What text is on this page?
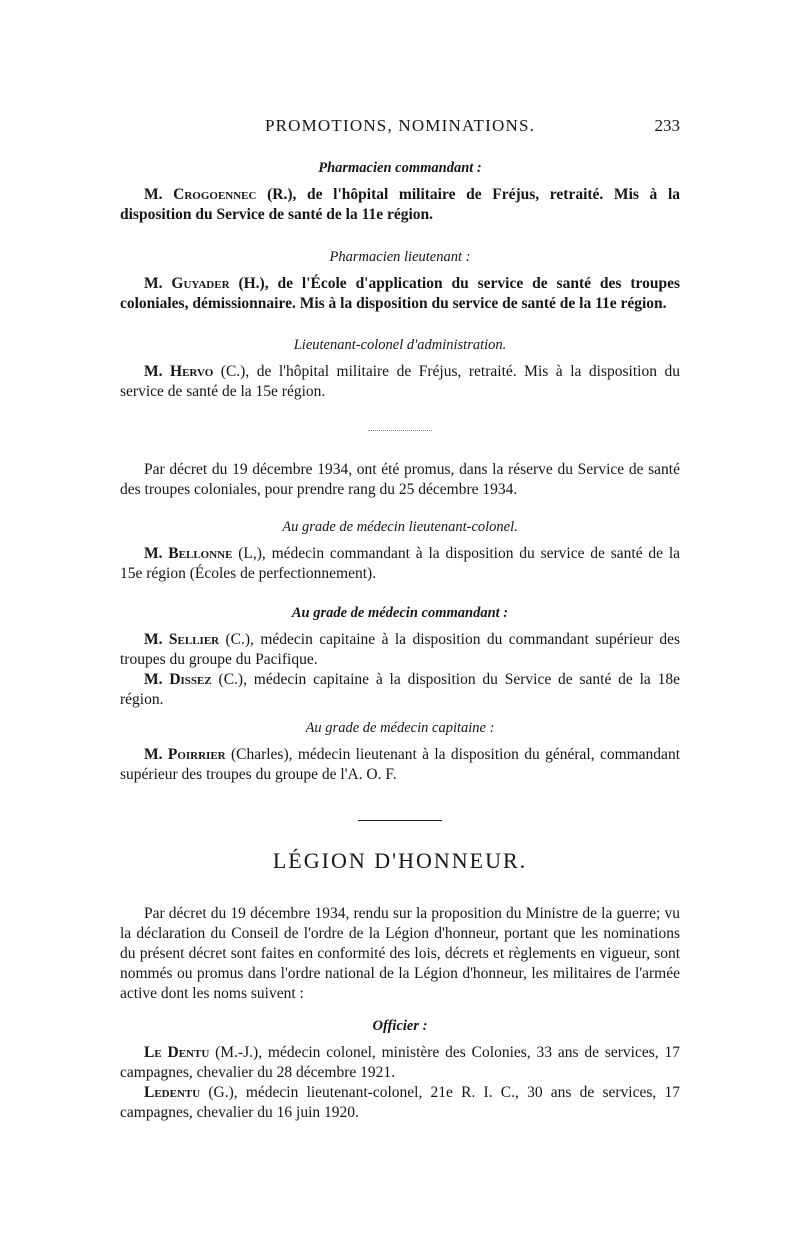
PROMOTIONS, NOMINATIONS.	233

Pharmacien commandant :

M. Crogoennec (R.), de l'hôpital militaire de Fréjus, retraité. Mis à la disposition du Service de santé de la 11e région.

Pharmacien lieutenant :

M. Guyader (H.), de l'École d'application du service de santé des troupes coloniales, démissionnaire. Mis à la disposition du service de santé de la 11e région.

Lieutenant-colonel d'administration.

M. Hervo (C.), de l'hôpital militaire de Fréjus, retraité. Mis à la disposition du service de santé de la 15e région.

Par décret du 19 décembre 1934, ont été promus, dans la réserve du Service de santé des troupes coloniales, pour prendre rang du 25 décembre 1934.

Au grade de médecin lieutenant-colonel.

M. Bellonne (L,), médecin commandant à la disposition du service de santé de la 15e région (Écoles de perfectionnement).

Au grade de médecin commandant :

M. Sellier (C.), médecin capitaine à la disposition du commandant supérieur des troupes du groupe du Pacifique.

M. Dissez (C.), médecin capitaine à la disposition du Service de santé de la 18e région.

Au grade de médecin capitaine :

M. Poirrier (Charles), médecin lieutenant à la disposition du général, commandant supérieur des troupes du groupe de l'A. O. F.

LÉGION D'HONNEUR.

Par décret du 19 décembre 1934, rendu sur la proposition du Ministre de la guerre; vu la déclaration du Conseil de l'ordre de la Légion d'honneur, portant que les nominations du présent décret sont faites en conformité des lois, décrets et règlements en vigueur, sont nommés ou promus dans l'ordre national de la Légion d'honneur, les militaires de l'armée active dont les noms suivent :

Officier :

Le Dentu (M.-J.), médecin colonel, ministère des Colonies, 33 ans de services, 17 campagnes, chevalier du 28 décembre 1921.

Ledentu (G.), médecin lieutenant-colonel, 21e R. I. C., 30 ans de services, 17 campagnes, chevalier du 16 juin 1920.
